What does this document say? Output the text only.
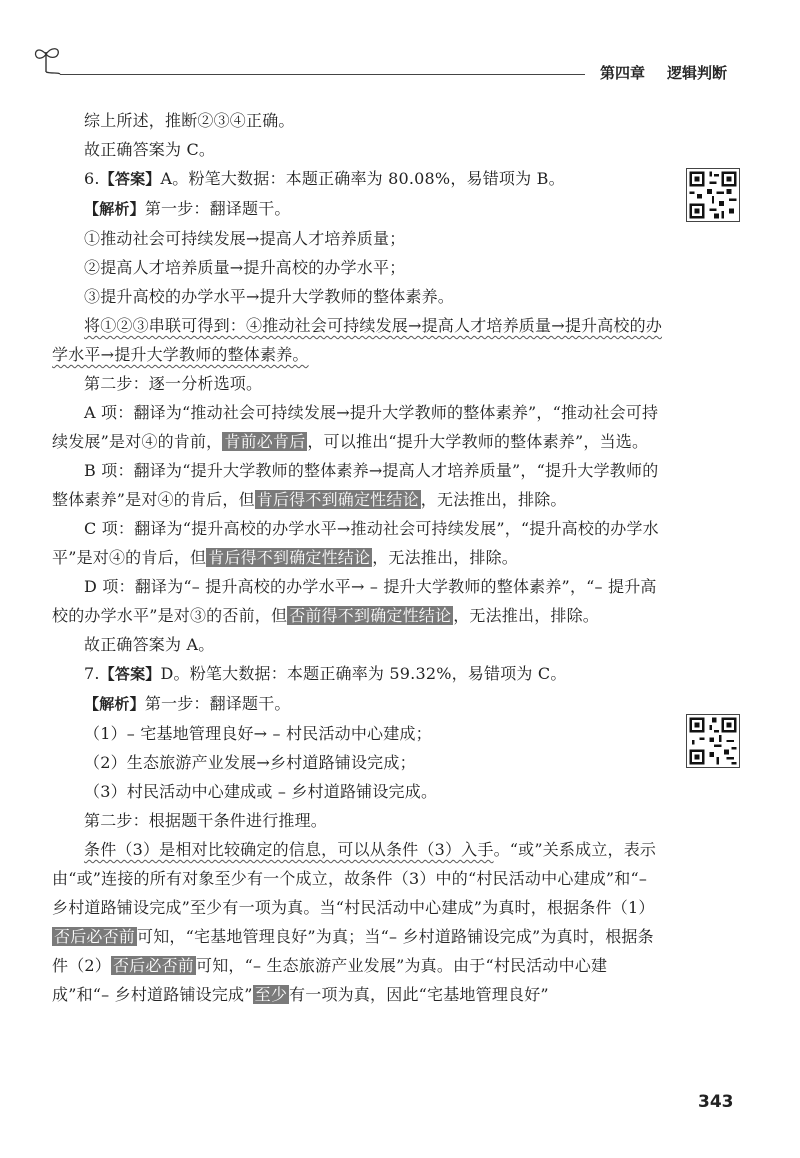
第四章 逻辑判断

综上所述，推断②③④正确。

故正确答案为 C。

6.【答案】A。粉笔大数据：本题正确率为 80.08%，易错项为 B。

【解析】第一步：翻译题干。

①推动社会可持续发展→提高人才培养质量；

②提高人才培养质量→提升高校的办学水平；

③提升高校的办学水平→提升大学教师的整体素养。

将①②③串联可得到：④推动社会可持续发展→提高人才培养质量→提升高校的办学水平→提升大学教师的整体素养。

第二步：逐一分析选项。

A 项：翻译为“推动社会可持续发展→提升大学教师的整体素养”，“推动社会可持续发展”是对④的肯前， 肯前必肯后 ，可以推出“提升大学教师的整体素养”，当选。

B 项：翻译为“提升大学教师的整体素养→提高人才培养质量”，“提升大学教师的整体素养”是对④的肯后，但 肯后得不到确定性结论 ，无法推出，排除。

C 项：翻译为“提升高校的办学水平→推动社会可持续发展”，“提升高校的办学水平”是对④的肯后，但 肯后得不到确定性结论 ，无法推出，排除。

D 项：翻译为“– 提升高校的办学水平→ – 提升大学教师的整体素养”，“– 提升高校的办学水平”是对③的否前，但 否前得不到确定性结论 ，无法推出，排除。

故正确答案为 A。

7.【答案】D。粉笔大数据：本题正确率为 59.32%，易错项为 C。

【解析】第一步：翻译题干。

（1）– 宅基地管理良好→ – 村民活动中心建成；

（2）生态旅游产业发展→乡村道路铺设完成；

（3）村民活动中心建成或 – 乡村道路铺设完成。

第二步：根据题干条件进行推理。

条件（3）是相对比较确定的信息，可以从条件（3）入手。“或”关系成立，表示由“或”连接的所有对象至少有一个成立，故条件（3）中的“村民活动中心建成”和“– 乡村道路铺设完成”至少有一项为真。当“村民活动中心建成”为真时，根据条件（1）否后必否前 可知，“宅基地管理良好”为真；当“– 乡村道路铺设完成”为真时，根据条件（2） 否后必否前 可知，“– 生态旅游产业发展”为真。由于“村民活动中心建成”和“– 乡村道路铺设完成” 至少 有一项为真，因此“宅基地管理良好”

343
